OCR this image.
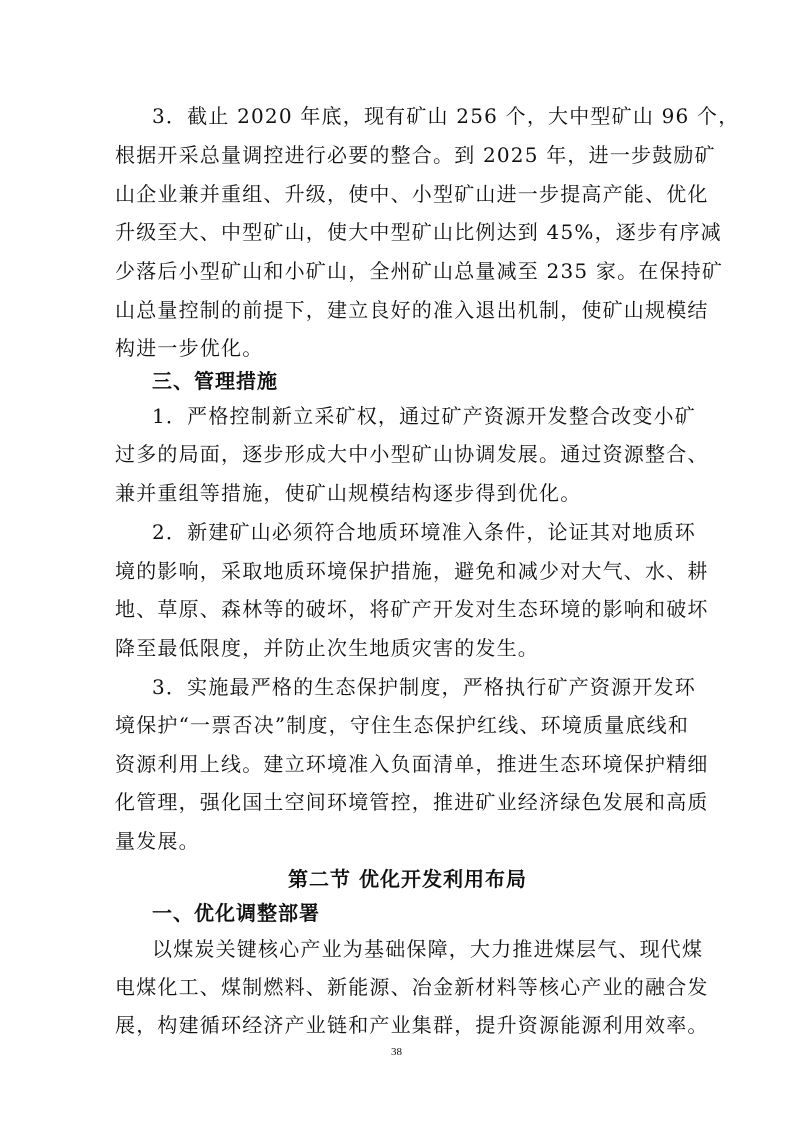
3．截止 2020 年底，现有矿山 256 个，大中型矿山 96 个，
根据开采总量调控进行必要的整合。到 2025 年，进一步鼓励矿
山企业兼并重组、升级，使中、小型矿山进一步提高产能、优化
升级至大、中型矿山，使大中型矿山比例达到 45%，逐步有序减
少落后小型矿山和小矿山，全州矿山总量减至 235 家。在保持矿
山总量控制的前提下，建立良好的准入退出机制，使矿山规模结
构进一步优化。
三、管理措施
1．严格控制新立采矿权，通过矿产资源开发整合改变小矿
过多的局面，逐步形成大中小型矿山协调发展。通过资源整合、
兼并重组等措施，使矿山规模结构逐步得到优化。
2．新建矿山必须符合地质环境准入条件，论证其对地质环
境的影响，采取地质环境保护措施，避免和减少对大气、水、耕
地、草原、森林等的破坏，将矿产开发对生态环境的影响和破坏
降至最低限度，并防止次生地质灾害的发生。
3．实施最严格的生态保护制度，严格执行矿产资源开发环
境保护“一票否决”制度，守住生态保护红线、环境质量底线和
资源利用上线。建立环境准入负面清单，推进生态环境保护精细
化管理，强化国土空间环境管控，推进矿业经济绿色发展和高质
量发展。
第二节 优化开发利用布局
一、优化调整部署
以煤炭关键核心产业为基础保障，大力推进煤层气、现代煤
电煤化工、煤制燃料、新能源、冶金新材料等核心产业的融合发
展，构建循环经济产业链和产业集群，提升资源能源利用效率。
38
